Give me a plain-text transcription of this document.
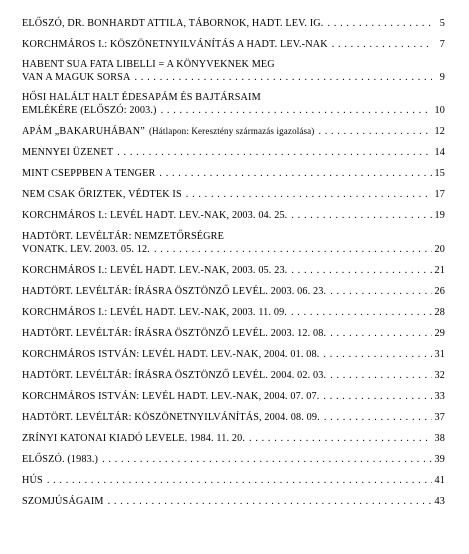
ELŐSZÓ, DR. BONHARDT ATTILA, TÁBORNOK, HADT. LEV. IG. . . .	5
KORCHMÁROS I.: KÖSZÖNETNYILVÁNÍTÁS A HADT. LEV.-NAK . . .	7
HABENT SUA FATA LIBELLI = A KÖNYVEKNEK MEG
VAN A MAGUK SORSA . . .	9
HŐSI HALÁLT HALT ÉDESAPÁM ÉS BAJTÁRSAIM
EMLÉKÉRE (ELŐSZÓ: 2003.) . . .	10
APÁM „BAKARUHÁBAN” (Hátlapon: Keresztény származás igazolása) . . .	12
MENNYEI ÜZENET . . .	14
MINT CSEPPBEN A TENGER . . .	15
NEM CSAK ŐRIZTEK, VÉDTEK IS . . .	17
KORCHMÁROS I.: LEVÉL HADT. LEV.-NAK, 2003. 04. 25. . . .	19
HADTÖRT. LEVÉLTÁR: NEMZETŐRSÉGRE
VONATK. LEV. 2003. 05. 12. . . .	20
KORCHMÁROS I.: LEVÉL HADT. LEV.-NAK, 2003. 05. 23. . . .	21
HADTÖRT. LEVÉLTÁR: ÍRÁSRA ÖSZTÖNZŐ LEVÉL. 2003. 06. 23. . . .	26
KORCHMÁROS I.: LEVÉL HADT. LEV.-NAK, 2003. 11. 09. . . .	28
HADTÖRT. LEVÉLTÁR: ÍRÁSRA ÖSZTÖNZŐ LEVÉL. 2003. 12. 08. . . .	29
KORCHMÁROS ISTVÁN: LEVÉL HADT. LEV.-NAK, 2004. 01. 08. . . .	31
HADTÖRT. LEVÉLTÁR: ÍRÁSRA ÖSZTÖNZŐ LEVÉL. 2004. 02. 03. . . .	32
KORCHMÁROS ISTVÁN: LEVÉL HADT. LEV.-NAK, 2004. 07. 07. . . .	33
HADTÖRT. LEVÉLTÁR: KÖSZÖNETNYILVÁNÍTÁS, 2004. 08. 09. . . .	37
ZRÍNYI KATONAI KIADÓ LEVELE. 1984. 11. 20. . . .	38
ELŐSZÓ. (1983.) . . .	39
HÚS . . .	41
SZOMJÚSÁGAIM . . .	43
